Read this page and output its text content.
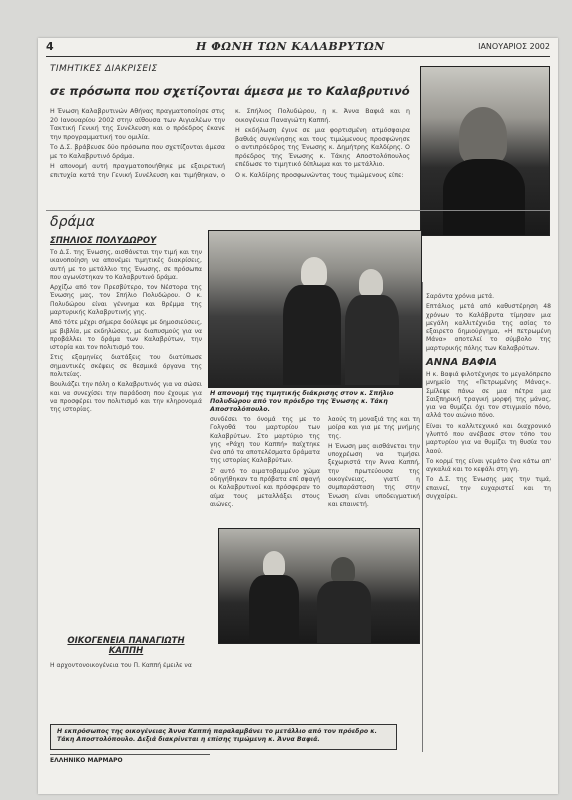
4	Η ΦΩΝΗ ΤΩΝ ΚΑΛΑΒΡΥΤΩΝ	ΙΑΝΟΥΑΡΙΟΣ 2002
ΤΙΜΗΤΙΚΕΣ ΔΙΑΚΡΙΣΕΙΣ
σε πρόσωπα που σχετίζονται άμεσα με το Καλαβρυτινό

Η Ένωση Καλαβρυτινών Αθήνας πραγματοποίησε στις 20 Ιανουαρίου 2002 στην αίθουσα των Αιγιαλέων την Τακτική Γενική της Συνέλευση και ο πρόεδρος έκανε την προγραμματική του ομιλία.

Το Δ.Σ. βράβευσε δύο πρόσωπα που σχετίζονται άμεσα με το Καλαβρυτινό δράμα.

Η απονομή αυτή πραγματοποιήθηκε με εξαιρετική επιτυχία κατά την Γενική Συνέλευση και τιμήθηκαν, ο κ. Σπήλιος Πολυδώρου, η κ. Άννα Βαφιά και η οικογένεια Παναγιώτη Καππή.

Η εκδήλωση έγινε σε μια φορτισμένη ατμόσφαιρα βαθιάς συγκίνησης και τους τιμώμενους προσφώνησε ο αντιπρόεδρος της Ένωσης κ. Δημήτρης Καλδίρης. Ο πρόεδρος της Ένωσης κ. Τάκης Αποστολόπουλος επέδωσε το τιμητικό δίπλωμα και το μετάλλιο.

Ο κ. Καλδίρης προσφωνώντας τους τιμώμενους είπε:

δράμα
ΣΠΗΛΙΟΣ ΠΟΛΥΔΩΡΟΥ

Το Δ.Σ. της Ένωσης, αισθάνεται την τιμή και την ικανοποίηση να απονέμει τιμητικές διακρίσεις, αυτή με το μετάλλιο της Ένωσης, σε πρόσωπα που αγωνίστηκαν το Καλαβρυτινό δράμα.

Αρχίζω από τον Πρεσβύτερο, τον Νέστορα της Ένωσης μας, τον Σπήλιο Πολυδώρου. Ο κ. Πολυδώρου είναι γέννημα και θρέμμα της μαρτυρικής Καλαβρυτινής γης.

Από τότε μέχρι σήμερα δούλεψε με δημοσιεύσεις, με βιβλία, με εκδηλώσεις, με διαπυσμούς για να προβάλλει το δράμα των Καλαβρύτων, την ιστορία και τον πολιτισμό του.

Στις εξαμηνίες διατάξεις του διατύπωσε σημαντικές σκέψεις σε θεσμικά όργανα της πολιτείας.

Βουλιάζει την πόλη ο Καλαβρυτινός για να σώσει και να συνεχίσει την παράδοση που έχουμε για να προσφέρει τον πολιτισμό και την κληρονομιά της ιστορίας.

ΟΙΚΟΓΕΝΕΙΑ ΠΑΝΑΓΙΩΤΗ ΚΑΠΠΗ

Η αρχοντονοικογένεια του Π. Καππή έμειλε να

Η απονομή της τιμητικής διάκρισης στον κ. Σπήλιο Πολυδώρου από τον πρόεδρο της Ένωσης κ. Τάκη Αποστολόπουλο.

συνδέσει το όνομά της με το Γολγοθά του μαρτυρίου των Καλαβρύτων. Στο μαρτύριο της γης «Ράχη του Καππή» παίχτηκε ένα από τα αποτελέσματα δράματα της ιστορίας Καλαβρύτων.

Σ' αυτό το αιματοβαμμένο χώμα οδηγήθηκαν τα πρόβατα επί σφαγή οι Καλαβρυτινοί και πρόσφεραν το αίμα τους μεταλλάξει στους αιώνες.

λαούς τη μοναξιά της και τη μοίρα και για με της μνήμης της.

Η Ένωση μας αισθάνεται την υποχρέωση να τιμήσει ξεχωριστά την Άννα Καππή, την πρωτεύουσα της οικογένειας, γιατί η συμπαράσταση της στην Ένωση είναι υποδειγματική και επαινετή.

Η εκπρόσωπος της οικογένειας Άννα Καππή παραλαμβάνει το μετάλλιο από τον πρόεδρο κ. Τάκη Αποστολόπουλο. Δεξιά διακρίνεται η επίσης τιμώμενη κ. Άννα Βαφιά.

Σαράντα χρόνια μετά.

Επτάλιος μετά από καθυστέρηση 48 χρόνων το Καλάβρυτα τίμησαν μια μεγάλη καλλιτέχνιδα της ασίας το εξαιρετο δημιούργημα, «Η πετρωμένη Μάνα» αποτελεί το σύμβολο της μαρτυρικής πόλης των Καλαβρύτων.

ΑΝΝΑ ΒΑΦΙΑ

Η κ. Βαφιά φιλοτέχνησε το μεγαλόπρεπο μνημείο της «Πετρωμένης Μάνας». Σμίλεψε πάνω σε μια πέτρα μια Σαιξπηρική τραγική μορφή της μάνας, για να θυμίζει όχι τον στιγμιαίο πόνο, αλλά τον αιώνιο πόνο.

Είναι το καλλιτεχνικό και διαχρονικό γλυπτό που ανέβασε στον τόπο του μαρτυρίου για να θυμίζει τη θυσία του λαού.

Το κορμί της είναι γεμάτο ένα κάτω απ' αγκαλιά και το κεφάλι στη γη.

Το Δ.Σ. της Ένωσης μας την τιμά, επαινεί, την ευχαριστεί και τη συγχαίρει.

ΕΛΛΗΝΙΚΟ ΜΑΡΜΑΡΟ
